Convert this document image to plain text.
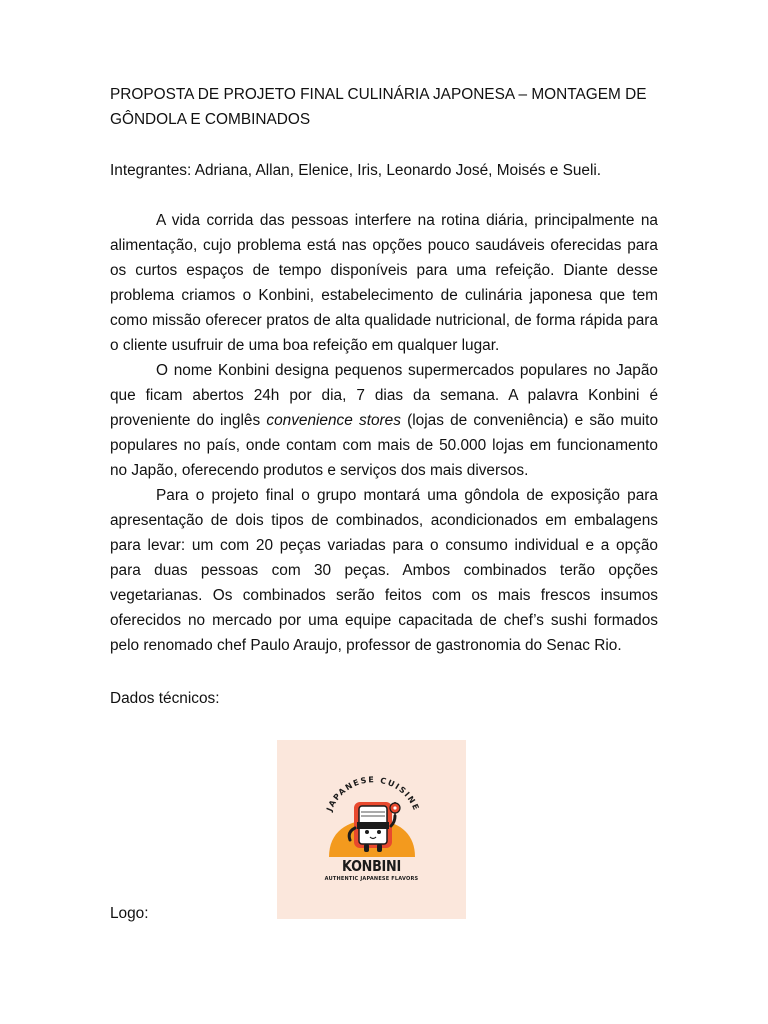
PROPOSTA DE PROJETO FINAL CULINÁRIA JAPONESA – MONTAGEM DE GÔNDOLA E COMBINADOS
Integrantes: Adriana, Allan, Elenice, Iris, Leonardo José, Moisés e Sueli.

A vida corrida das pessoas interfere na rotina diária, principalmente na alimentação, cujo problema está nas opções pouco saudáveis oferecidas para os curtos espaços de tempo disponíveis para uma refeição. Diante desse problema criamos o Konbini, estabelecimento de culinária japonesa que tem como missão oferecer pratos de alta qualidade nutricional, de forma rápida para o cliente usufruir de uma boa refeição em qualquer lugar.

O nome Konbini designa pequenos supermercados populares no Japão que ficam abertos 24h por dia, 7 dias da semana. A palavra Konbini é proveniente do inglês convenience stores (lojas de conveniência) e são muito populares no país, onde contam com mais de 50.000 lojas em funcionamento no Japão, oferecendo produtos e serviços dos mais diversos.

Para o projeto final o grupo montará uma gôndola de exposição para apresentação de dois tipos de combinados, acondicionados em embalagens para levar: um com 20 peças variadas para o consumo individual e a opção para duas pessoas com 30 peças. Ambos combinados terão opções vegetarianas. Os combinados serão feitos com os mais frescos insumos oferecidos no mercado por uma equipe capacitada de chef’s sushi formados pelo renomado chef Paulo Araujo, professor de gastronomia do Senac Rio.

Dados técnicos:
JAPANESE CUISINE
KONBINI
AUTHENTIC JAPANESE FLAVORS
Logo:
